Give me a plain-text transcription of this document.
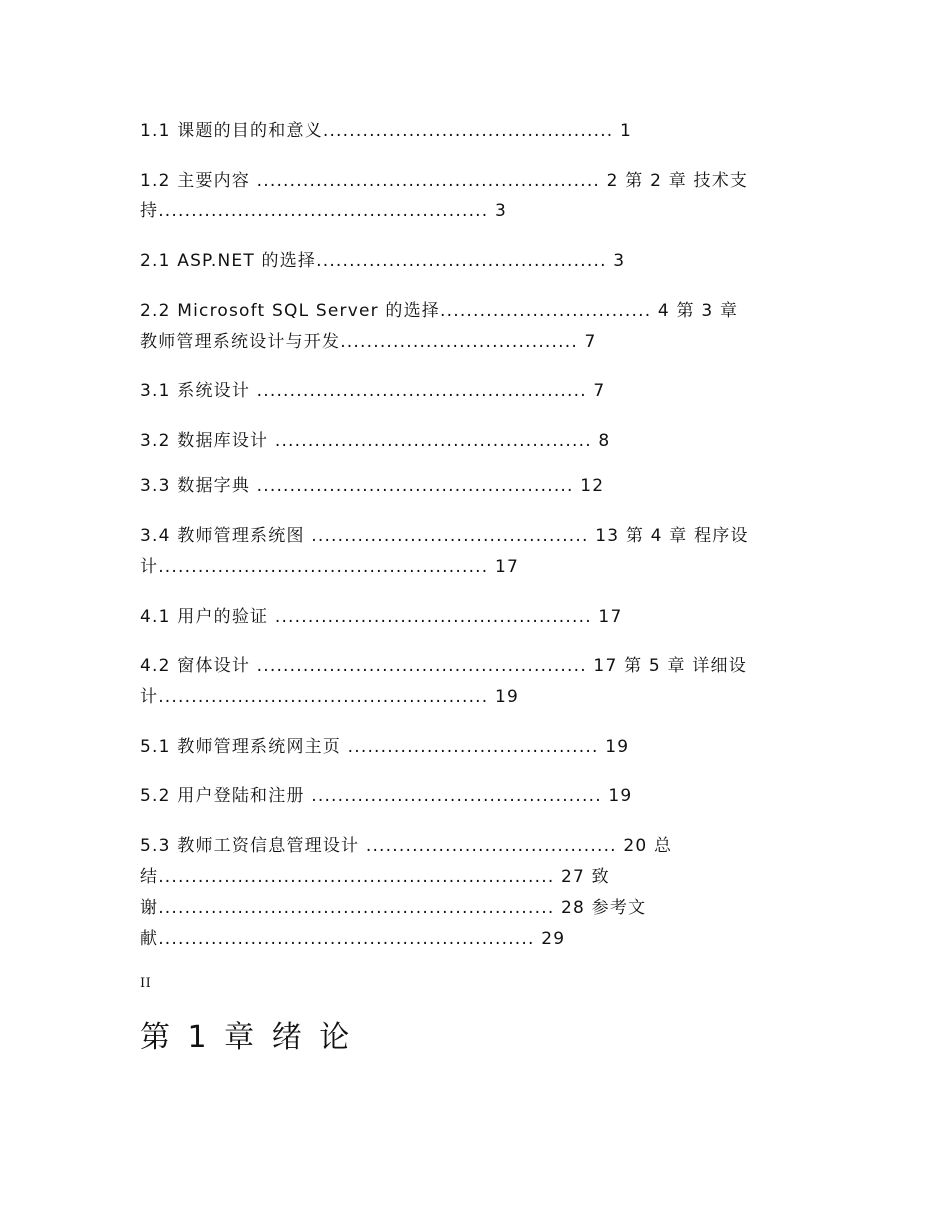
1.1 课题的目的和意义............................................ 1
1.2 主要内容 .................................................... 2 第 2 章 技术支
持.................................................. 3
2.1 ASP.NET 的选择............................................ 3
2.2 Microsoft SQL Server 的选择................................ 4 第 3 章
教师管理系统设计与开发.................................... 7
3.1 系统设计 .................................................. 7
3.2 数据库设计 ................................................ 8
3.3 数据字典 ................................................ 12
3.4 教师管理系统图 .......................................... 13 第 4 章 程序设
计.................................................. 17
4.1 用户的验证 ................................................ 17
4.2 窗体设计 .................................................. 17 第 5 章 详细设
计.................................................. 19
5.1 教师管理系统网主页 ...................................... 19
5.2 用户登陆和注册 ............................................ 19
5.3 教师工资信息管理设计 ...................................... 20 总
结............................................................ 27 致
谢............................................................ 28 参考文
献......................................................... 29
II
第 1 章 绪 论
